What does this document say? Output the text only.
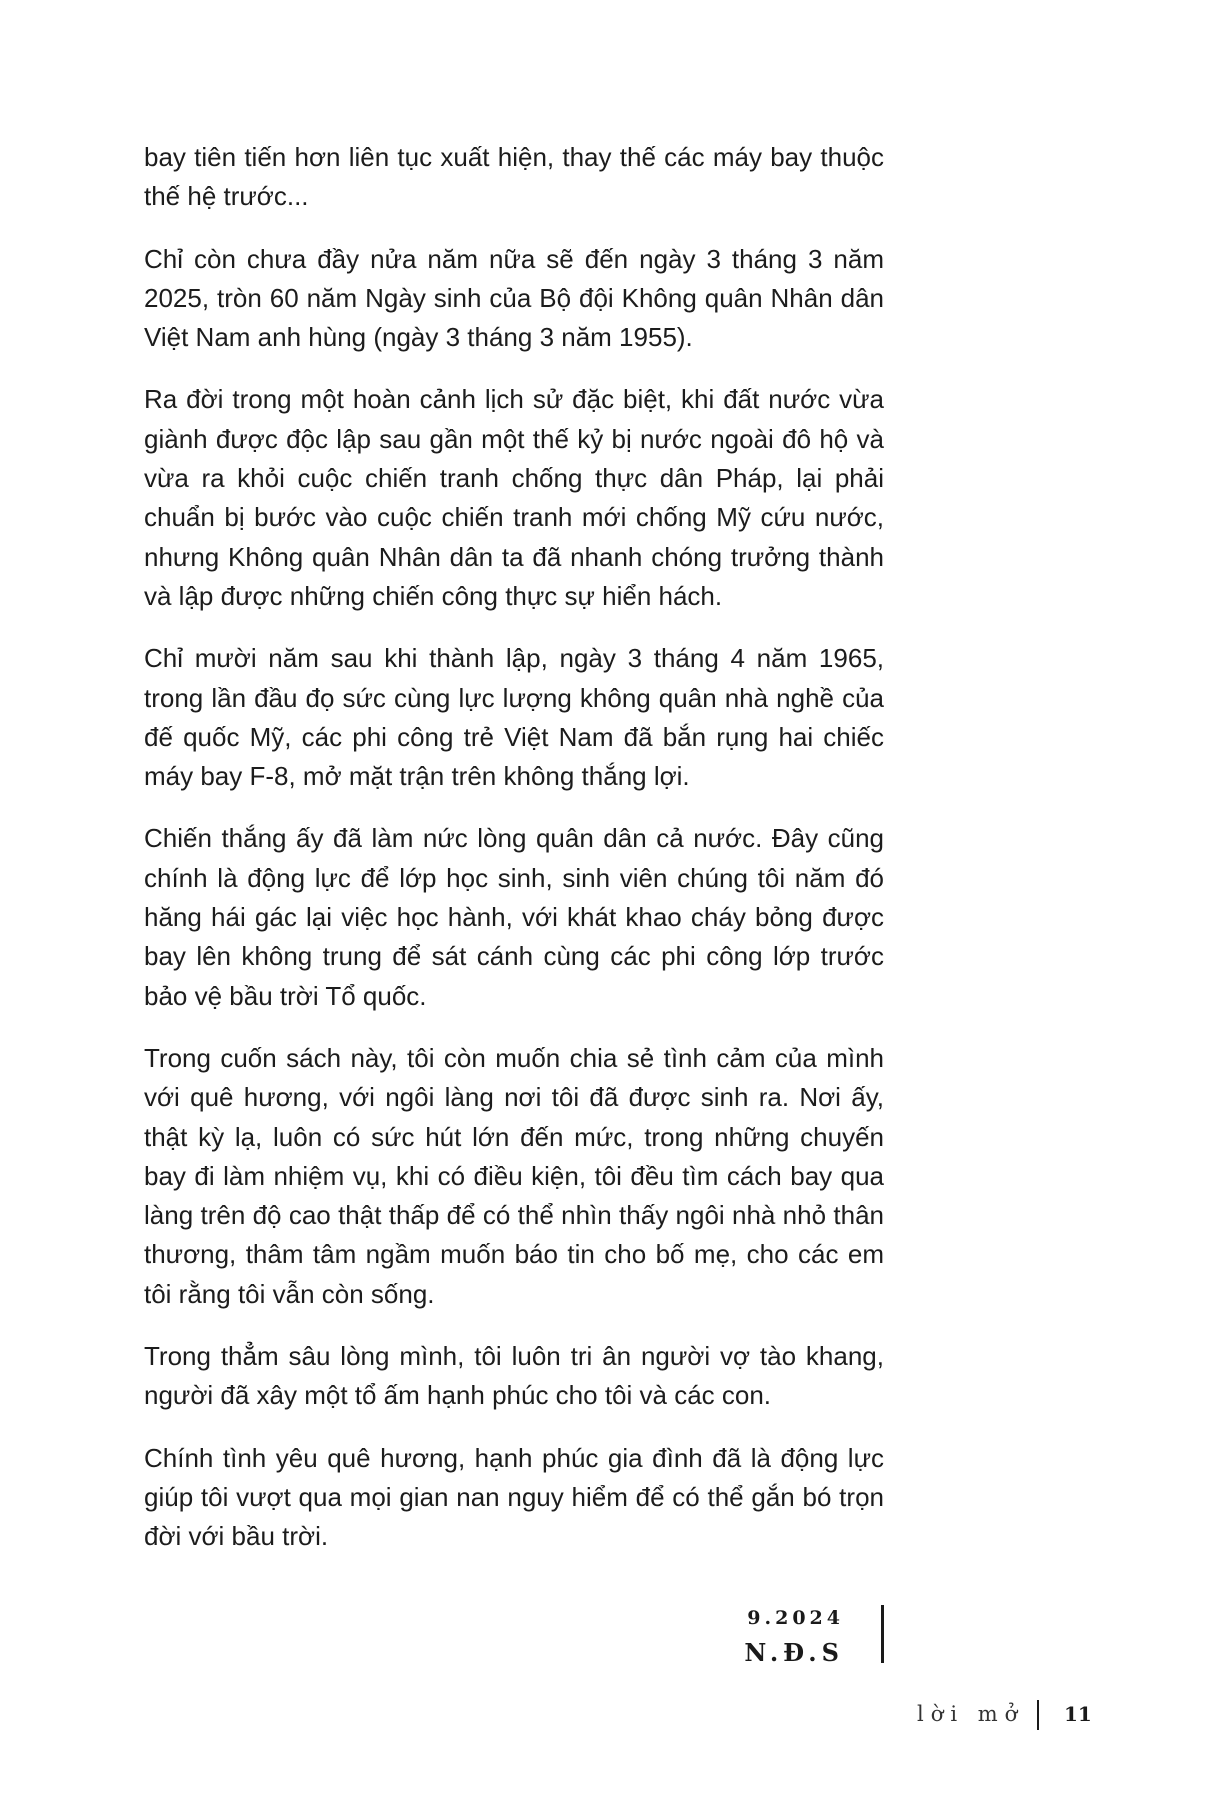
bay tiên tiến hơn liên tục xuất hiện, thay thế các máy bay thuộc thế hệ trước...

Chỉ còn chưa đầy nửa năm nữa sẽ đến ngày 3 tháng 3 năm 2025, tròn 60 năm Ngày sinh của Bộ đội Không quân Nhân dân Việt Nam anh hùng (ngày 3 tháng 3 năm 1955).

Ra đời trong một hoàn cảnh lịch sử đặc biệt, khi đất nước vừa giành được độc lập sau gần một thế kỷ bị nước ngoài đô hộ và vừa ra khỏi cuộc chiến tranh chống thực dân Pháp, lại phải chuẩn bị bước vào cuộc chiến tranh mới chống Mỹ cứu nước, nhưng Không quân Nhân dân ta đã nhanh chóng trưởng thành và lập được những chiến công thực sự hiển hách.

Chỉ mười năm sau khi thành lập, ngày 3 tháng 4 năm 1965, trong lần đầu đọ sức cùng lực lượng không quân nhà nghề của đế quốc Mỹ, các phi công trẻ Việt Nam đã bắn rụng hai chiếc máy bay F-8, mở mặt trận trên không thắng lợi.

Chiến thắng ấy đã làm nức lòng quân dân cả nước. Đây cũng chính là động lực để lớp học sinh, sinh viên chúng tôi năm đó hăng hái gác lại việc học hành, với khát khao cháy bỏng được bay lên không trung để sát cánh cùng các phi công lớp trước bảo vệ bầu trời Tổ quốc.

Trong cuốn sách này, tôi còn muốn chia sẻ tình cảm của mình với quê hương, với ngôi làng nơi tôi đã được sinh ra. Nơi ấy, thật kỳ lạ, luôn có sức hút lớn đến mức, trong những chuyến bay đi làm nhiệm vụ, khi có điều kiện, tôi đều tìm cách bay qua làng trên độ cao thật thấp để có thể nhìn thấy ngôi nhà nhỏ thân thương, thâm tâm ngầm muốn báo tin cho bố mẹ, cho các em tôi rằng tôi vẫn còn sống.

Trong thẳm sâu lòng mình, tôi luôn tri ân người vợ tào khang, người đã xây một tổ ấm hạnh phúc cho tôi và các con.

Chính tình yêu quê hương, hạnh phúc gia đình đã là động lực giúp tôi vượt qua mọi gian nan nguy hiểm để có thể gắn bó trọn đời với bầu trời.

9.2024
N.Đ.S
lời mở 11
